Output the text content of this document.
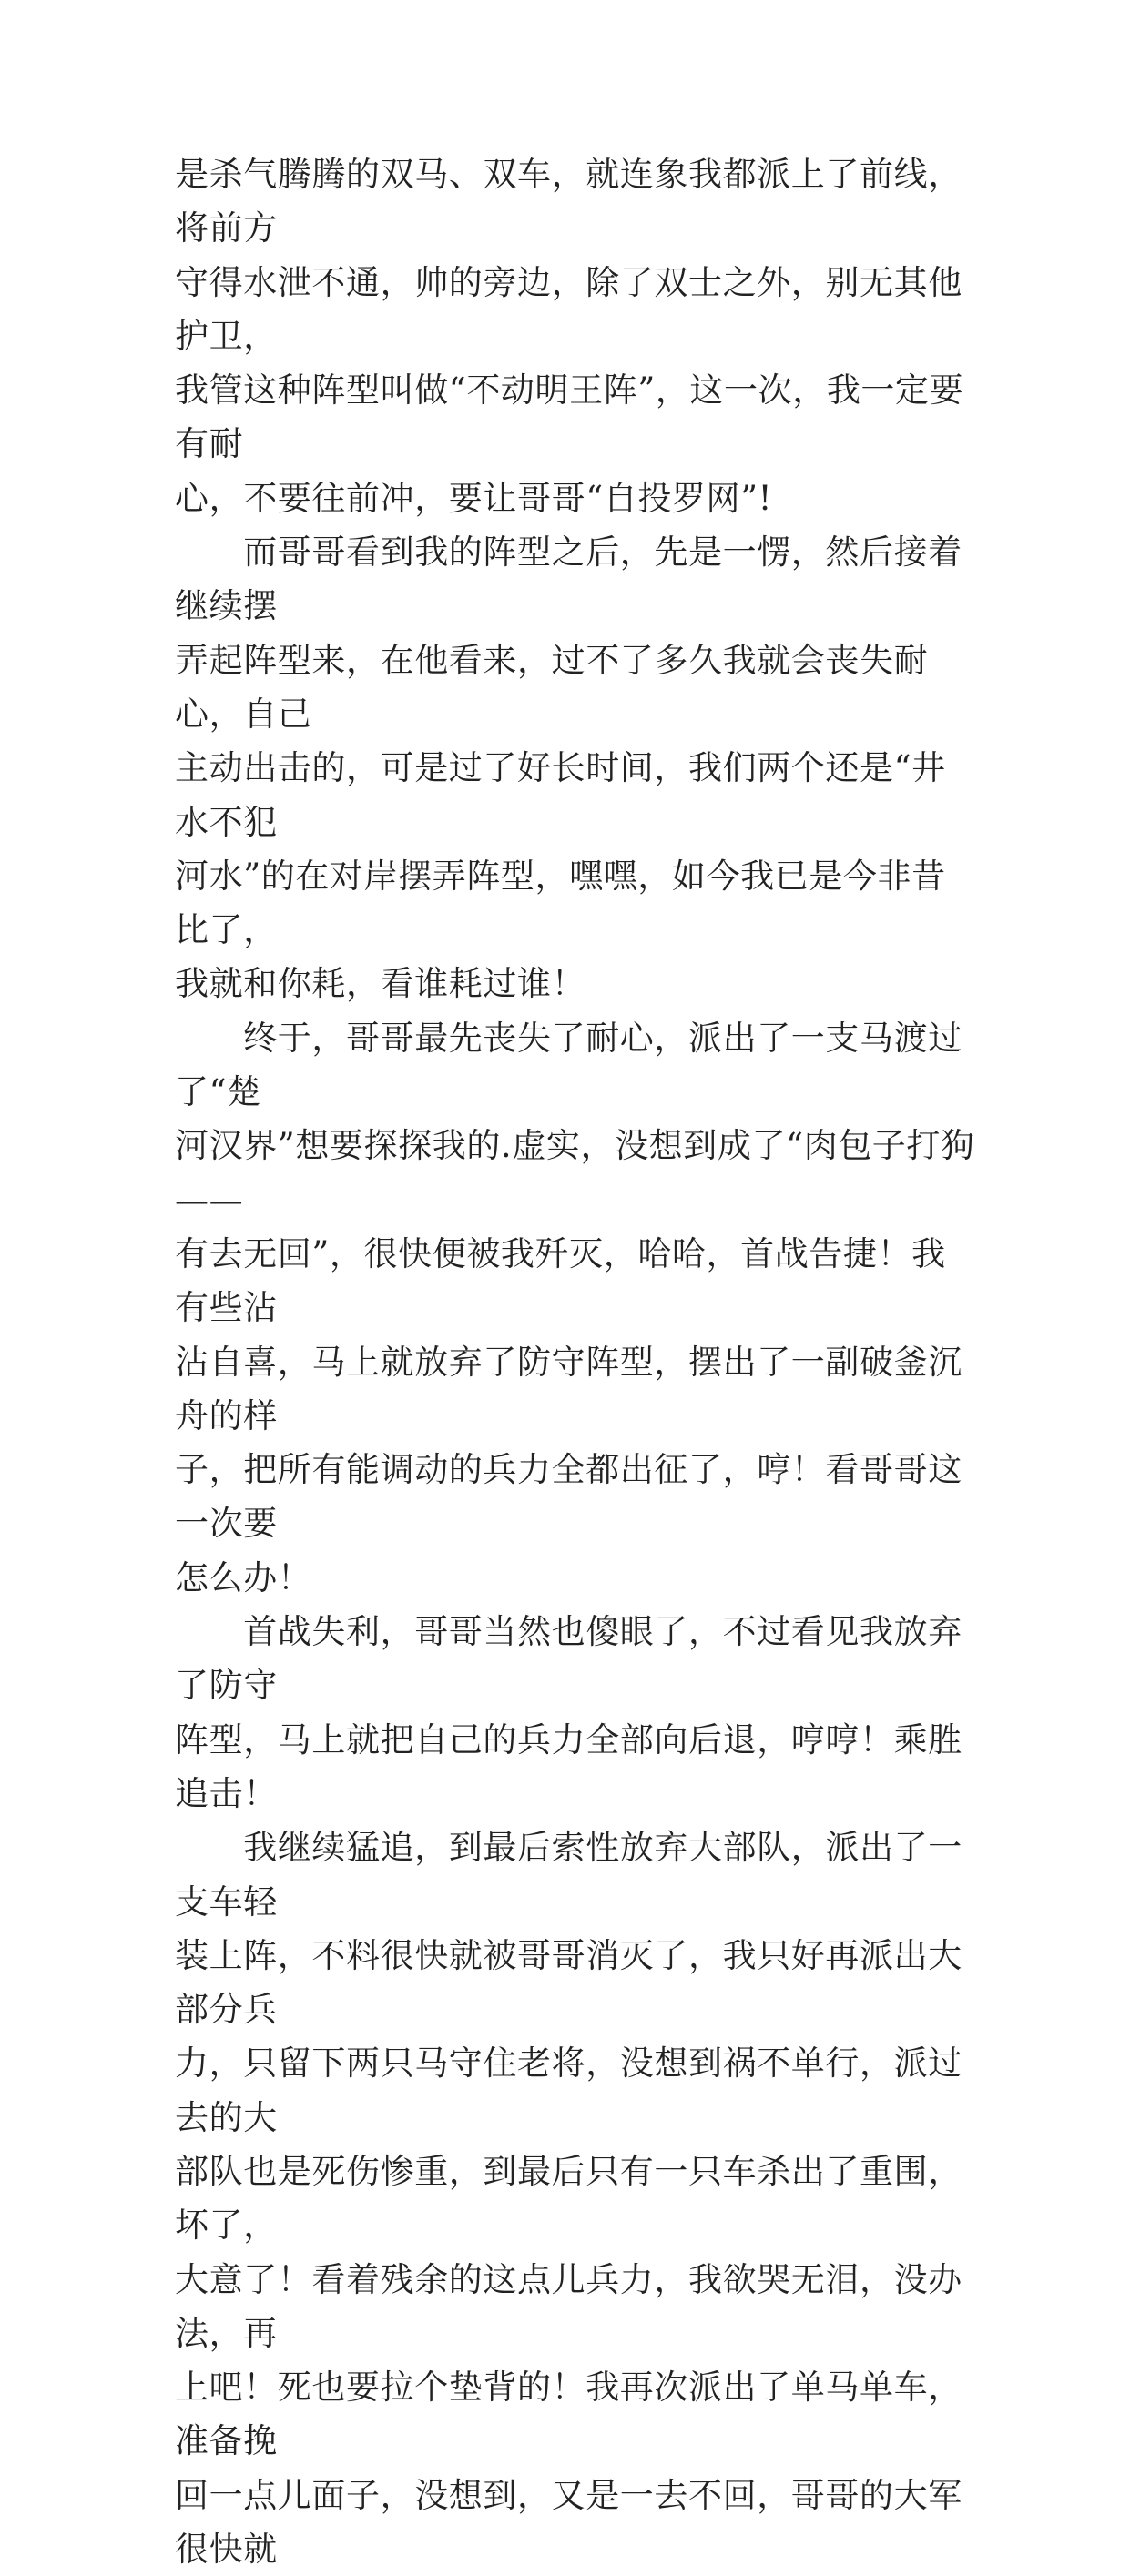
是杀气腾腾的双马、双车，就连象我都派上了前线，将前方
守得水泄不通，帅的旁边，除了双士之外，别无其他护卫，
我管这种阵型叫做“不动明王阵”，这一次，我一定要有耐
心，不要往前冲，要让哥哥“自投罗网”!

　　而哥哥看到我的阵型之后，先是一愣，然后接着继续摆
弄起阵型来，在他看来，过不了多久我就会丧失耐心，自己
主动出击的，可是过了好长时间，我们两个还是“井水不犯
河水”的在对岸摆弄阵型，嘿嘿，如今我已是今非昔比了，
我就和你耗，看谁耗过谁！

　　终于，哥哥最先丧失了耐心，派出了一支马渡过了“楚
河汉界”想要探探我的.虚实，没想到成了“肉包子打狗——
有去无回”，很快便被我歼灭，哈哈，首战告捷！我有些沾
沾自喜，马上就放弃了防守阵型，摆出了一副破釜沉舟的样
子，把所有能调动的兵力全都出征了，哼！看哥哥这一次要
怎么办！

　　首战失利，哥哥当然也傻眼了，不过看见我放弃了防守
阵型，马上就把自己的兵力全部向后退，哼哼！乘胜追击！

　　我继续猛追，到最后索性放弃大部队，派出了一支车轻
装上阵，不料很快就被哥哥消灭了，我只好再派出大部分兵
力，只留下两只马守住老将，没想到祸不单行，派过去的大
部队也是死伤惨重，到最后只有一只车杀出了重围，坏了，
大意了！看着残余的这点儿兵力，我欲哭无泪，没办法，再
上吧！死也要拉个垫背的！我再次派出了单马单车，准备挽
回一点儿面子，没想到，又是一去不回，哥哥的大军很快就
